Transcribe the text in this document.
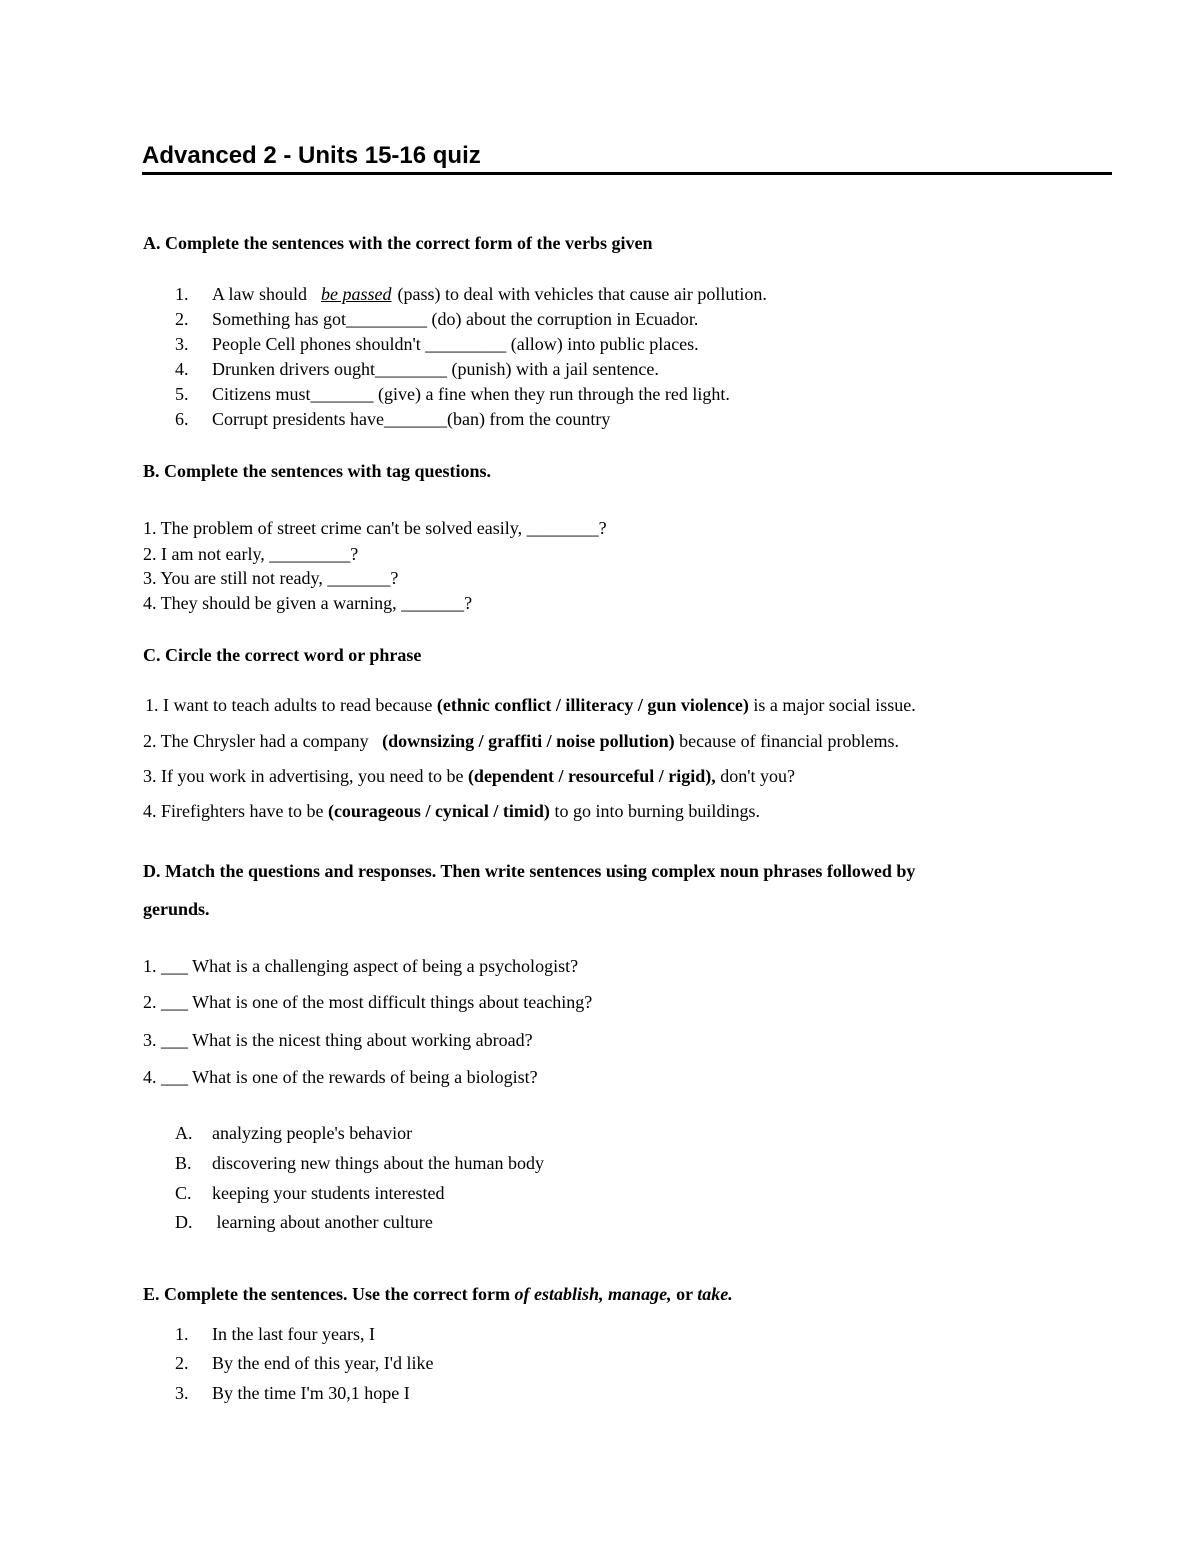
Advanced 2 - Units 15-16 quiz
A. Complete the sentences with the correct form of the verbs given
1. A law should be passed (pass) to deal with vehicles that cause air pollution.
2. Something has got_________ (do) about the corruption in Ecuador.
3. People Cell phones shouldn't _________ (allow) into public places.
4. Drunken drivers ought________ (punish) with a jail sentence.
5. Citizens must_______ (give) a fine when they run through the red light.
6. Corrupt presidents have_______(ban) from the country
B. Complete the sentences with tag questions.
1. The problem of street crime can't be solved easily, ________?
2. I am not early, _________?
3. You are still not ready, _______?
4. They should be given a warning, _______?
C. Circle the correct word or phrase
1. I want to teach adults to read because (ethnic conflict / illiteracy / gun violence) is a major social issue.
2. The Chrysler had a company   (downsizing / graffiti / noise pollution) because of financial problems.
3. If you work in advertising, you need to be (dependent / resourceful / rigid), don't you?
4. Firefighters have to be (courageous / cynical / timid) to go into burning buildings.
D. Match the questions and responses. Then write sentences using complex noun phrases followed by
gerunds.
1. ___ What is a challenging aspect of being a psychologist?
2. ___ What is one of the most difficult things about teaching?
3. ___ What is the nicest thing about working abroad?
4. ___ What is one of the rewards of being a biologist?
A. analyzing people's behavior
B. discovering new things about the human body
C. keeping your students interested
D. learning about another culture
E. Complete the sentences. Use the correct form of establish, manage, or take.
1. In the last four years, I
2. By the end of this year, I'd like
3. By the time I'm 30,1 hope I
